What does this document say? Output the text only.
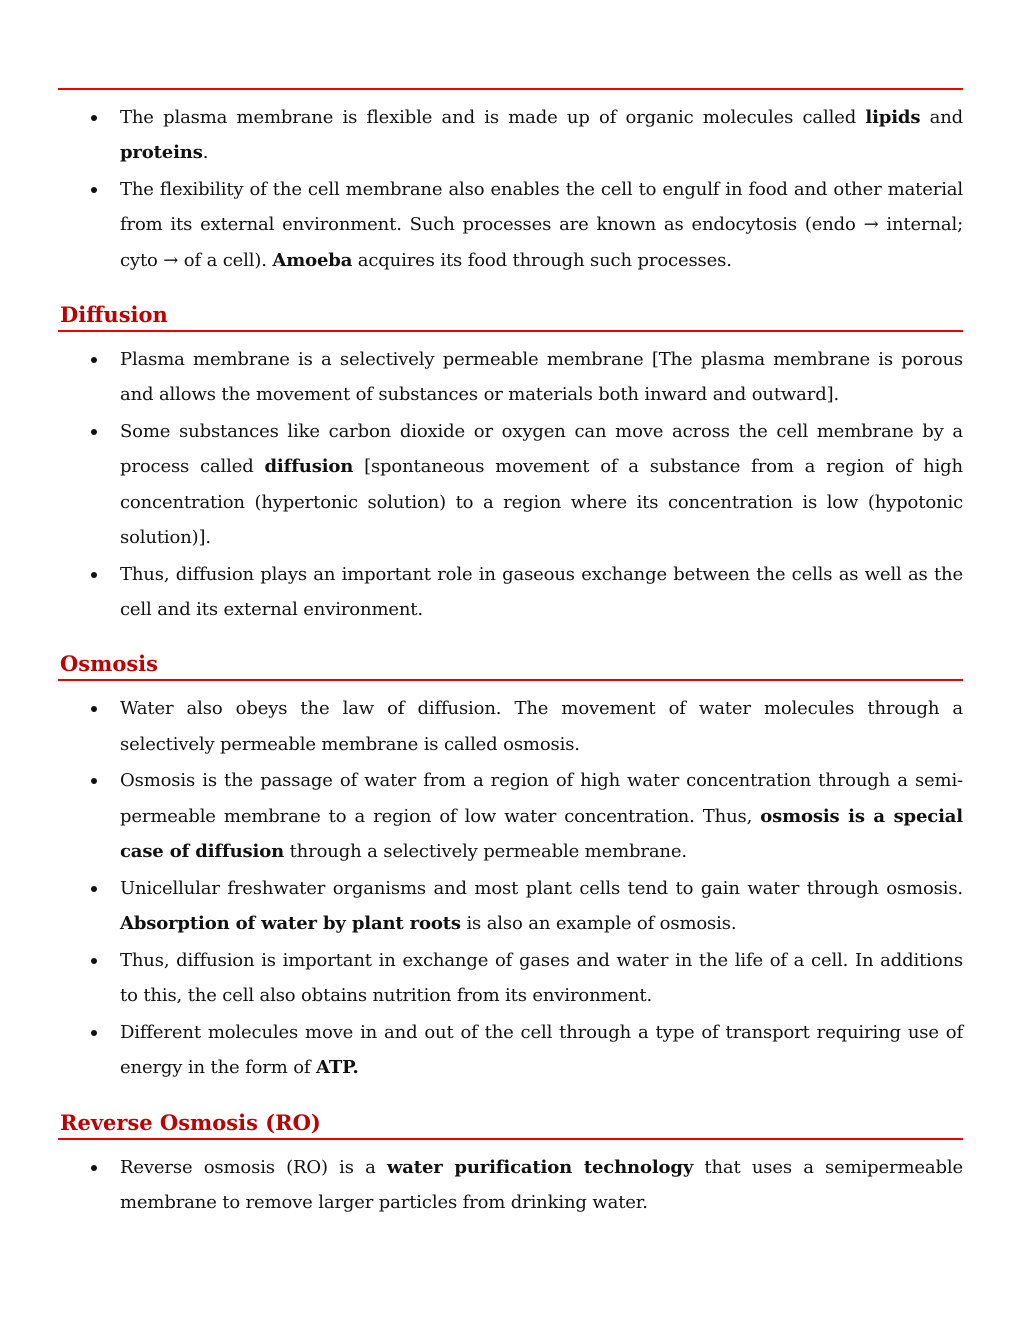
The plasma membrane is flexible and is made up of organic molecules called lipids and proteins.
The flexibility of the cell membrane also enables the cell to engulf in food and other material from its external environment. Such processes are known as endocytosis (endo → internal; cyto → of a cell). Amoeba acquires its food through such processes.
Diffusion
Plasma membrane is a selectively permeable membrane [The plasma membrane is porous and allows the movement of substances or materials both inward and outward].
Some substances like carbon dioxide or oxygen can move across the cell membrane by a process called diffusion [spontaneous movement of a substance from a region of high concentration (hypertonic solution) to a region where its concentration is low (hypotonic solution)].
Thus, diffusion plays an important role in gaseous exchange between the cells as well as the cell and its external environment.
Osmosis
Water also obeys the law of diffusion. The movement of water molecules through a selectively permeable membrane is called osmosis.
Osmosis is the passage of water from a region of high water concentration through a semi-permeable membrane to a region of low water concentration. Thus, osmosis is a special case of diffusion through a selectively permeable membrane.
Unicellular freshwater organisms and most plant cells tend to gain water through osmosis. Absorption of water by plant roots is also an example of osmosis.
Thus, diffusion is important in exchange of gases and water in the life of a cell. In additions to this, the cell also obtains nutrition from its environment.
Different molecules move in and out of the cell through a type of transport requiring use of energy in the form of ATP.
Reverse Osmosis (RO)
Reverse osmosis (RO) is a water purification technology that uses a semipermeable membrane to remove larger particles from drinking water.
